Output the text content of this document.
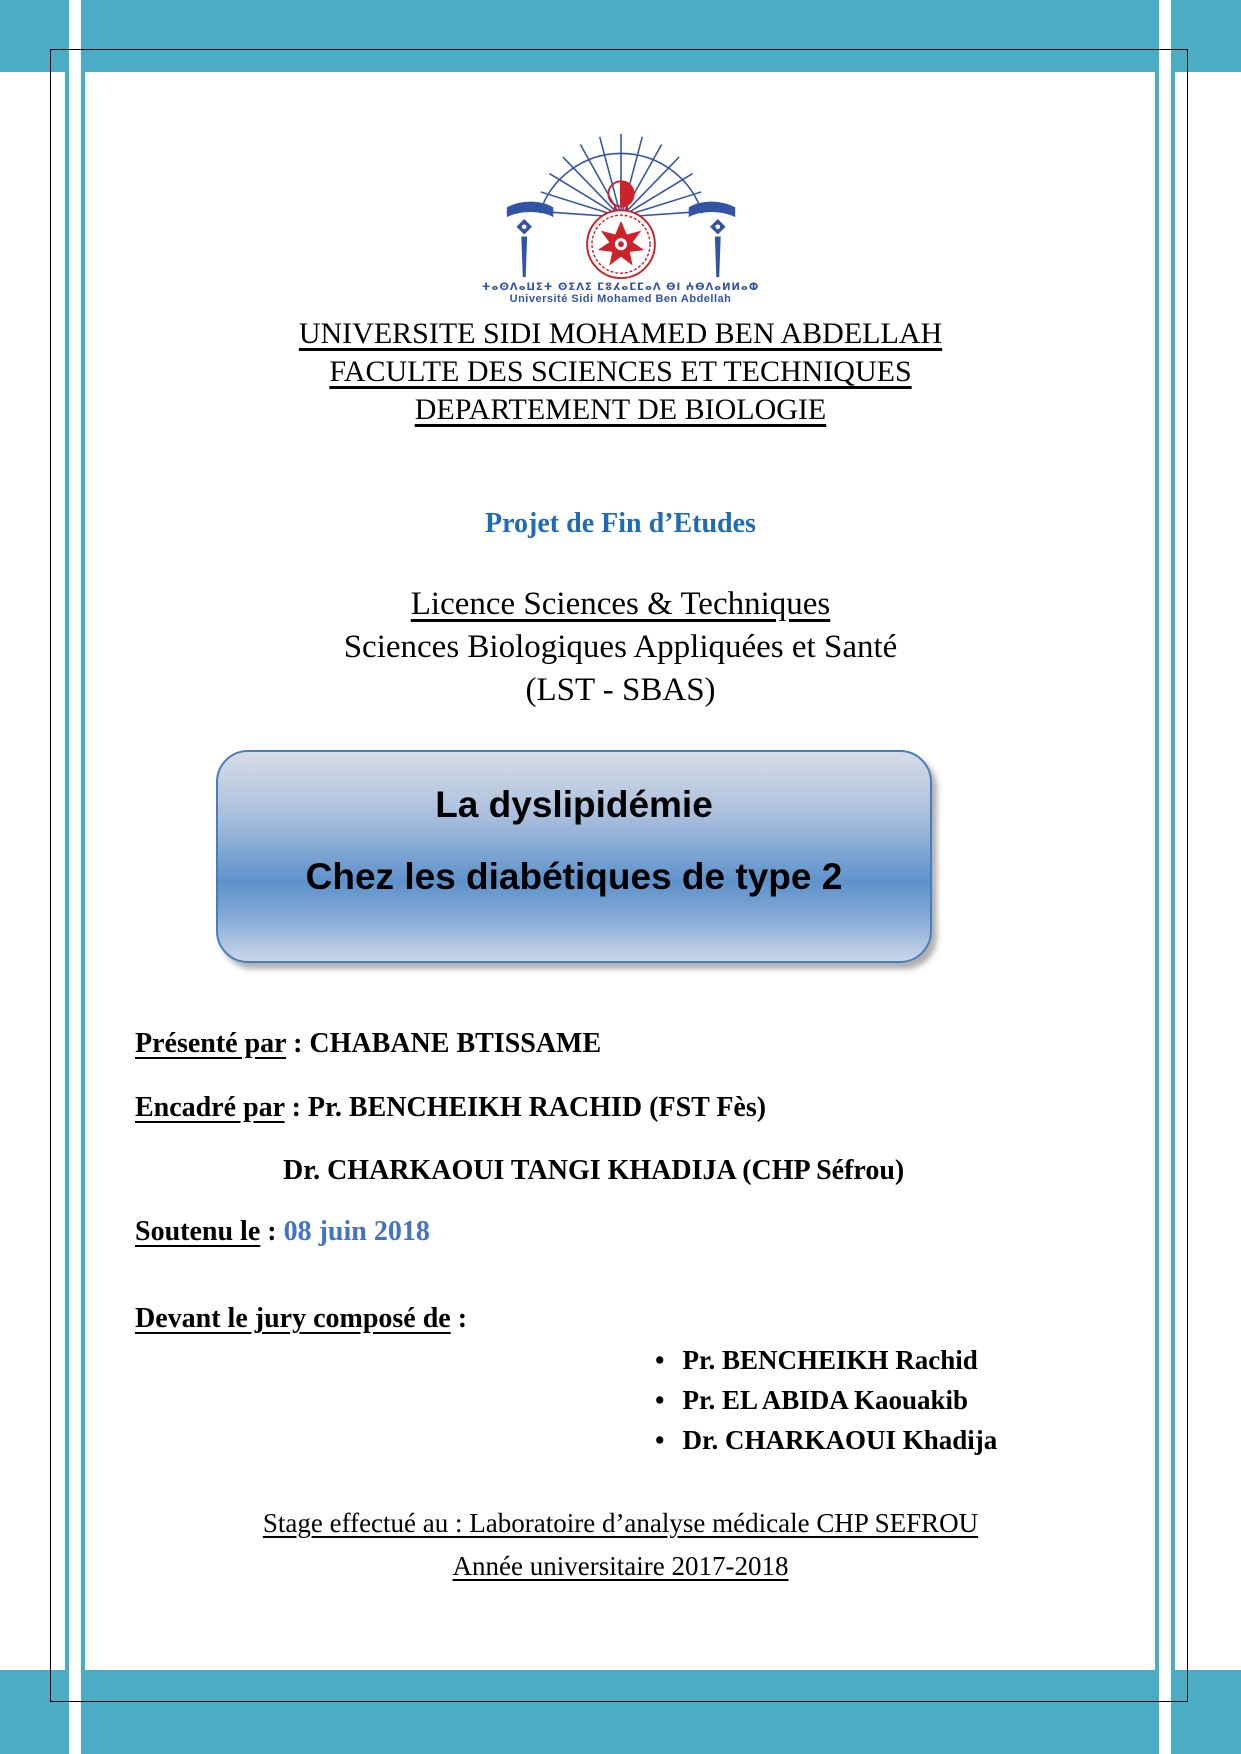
ⵜⴰⵙⴷⴰⵡⵉⵜ ⵙⵉⴷⵉ ⵎⵓⵃⴰⵎⵎⴰⴷ ⴱⵏ ⵄⴱⴷⴰⵍⵍⴰⵀ
Université Sidi Mohamed Ben Abdellah
UNIVERSITE SIDI MOHAMED BEN ABDELLAH
FACULTE DES SCIENCES ET TECHNIQUES
DEPARTEMENT DE BIOLOGIE
Projet de Fin d’Etudes
Licence Sciences & Techniques
Sciences Biologiques Appliquées et Santé
(LST - SBAS)
La dyslipidémie
Chez les diabétiques de type 2
Présenté par : CHABANE BTISSAME
Encadré par : Pr. BENCHEIKH RACHID (FST Fès)
Dr. CHARKAOUI TANGI KHADIJA (CHP Séfrou)
Soutenu le : 08 juin 2018
Devant le jury composé de :
• Pr. BENCHEIKH Rachid
• Pr. EL ABIDA Kaouakib
• Dr. CHARKAOUI Khadija
Stage effectué au : Laboratoire d’analyse médicale CHP SEFROU
Année universitaire 2017-2018
